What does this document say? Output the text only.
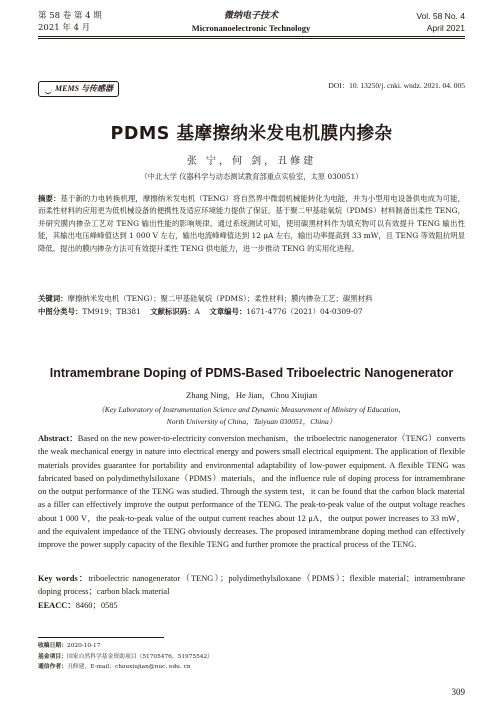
第 58 卷 第 4 期
2021 年 4 月
微纳电子技术
Micronanoelectronic Technology
Vol. 58 No. 4
April 2021
DOI：10. 13250/j. cnki. wndz. 2021. 04. 005
MEMS 与传感器
PDMS 基摩擦纳米发电机膜内掺杂
张 宁，何 剑，丑修建
（中北大学 仪器科学与动态测试教育部重点实验室，太原 030051）
摘要：基于新的力电转换机理，摩擦纳米发电机（TENG）将自然界中微弱机械能转化为电能，并为小型用电设备供电成为可能，而柔性材料的应用更为低机械设备的便携性及适应环境能力提供了保证。基于聚二甲基硅氧烷（PDMS）材料制备出柔性 TENG，并研究膜内掺杂工艺对 TENG 输出性能的影响规律。通过系统测试可知，使用碳黑材料作为填充物可以有效提升 TENG 输出性能，其输出电压峰峰值达到 1 000 V 左右，输出电流峰峰值达到 12 μA 左右，输出功率提高到 33 mW，且 TENG 等效阻抗明显降低。提出的膜内掺杂方法可有效提升柔性 TENG 供电能力，进一步推动 TENG 的实用化进程。
关键词：摩擦纳米发电机（TENG）；聚二甲基硅氧烷（PDMS）；柔性材料；膜内掺杂工艺；碳黑材料
中图分类号：TM919；TB381 文献标识码：A 文章编号：1671-4776（2021）04-0309-07
Intramembrane Doping of PDMS-Based Triboelectric Nanogenerator
Zhang Ning，He Jian，Chou Xiujian
（Key Laboratory of Instrumentation Science and Dynamic Measurement of Ministry of Education，
North University of China，Taiyuan 030051，China）
Abstract：Based on the new power-to-electricity conversion mechanism，the triboelectric nanogenerator（TENG）converts the weak mechanical energy in nature into electrical energy and powers small electrical equipment. The application of flexible materials provides guarantee for portability and environmental adaptability of low-power equipment. A flexible TENG was fabricated based on polydimethylsiloxane（PDMS）materials，and the influence rule of doping process for intramembrane on the output performance of the TENG was studied. Through the system test，it can be found that the carbon black material as a filler can effectively improve the output performance of the TENG. The peak-to-peak value of the output voltage reaches about 1 000 V，the peak-to-peak value of the output current reaches about 12 μA，the output power increases to 33 mW，and the equivalent impedance of the TENG obviously decreases. The proposed intramembrane doping method can effectively improve the power supply capacity of the flexible TENG and further promote the practical process of the TENG.
Key words：triboelectric nanogenerator（TENG）；polydimethylsiloxane（PDMS）；flexible material；intramembrane doping process；carbon black material
EEACC：8460；0585
收稿日期：2020-10-17
基金项目：国家自然科学基金资助项目（51705476，51975542）
通信作者：丑修建，E-mail：chouxiujian@nuc. edu. cn
309
